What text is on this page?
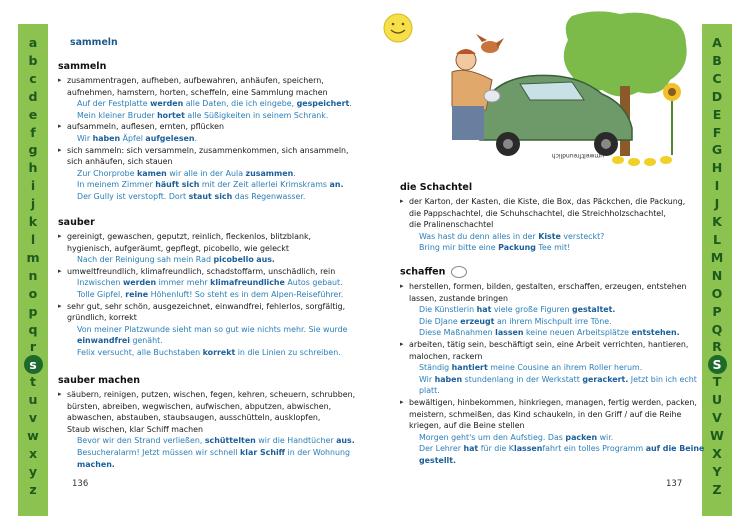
a
b
c
d
e
f
g
h
i
j
k
l
m
n
o
p
q
r
s
t
u
v
w
x
y
z
A
B
C
D
E
F
G
H
I
J
K
L
M
N
O
P
Q
R
S
T
U
V
W
X
Y
Z
sammeln
umweltfreundlich
sammeln
▸ zusammentragen, aufheben, aufbewahren, anhäufen, speichern,
aufnehmen, hamstern, horten, scheffeln, eine Sammlung machen
Auf der Festplatte werden alle Daten, die ich eingebe, gespeichert.
Mein kleiner Bruder hortet alle Süßigkeiten in seinem Schrank.
▸ aufsammeln, auflesen, ernten, pflücken
Wir haben Äpfel aufgelesen.
▸ sich sammeln: sich versammeln, zusammenkommen, sich ansammeln,
sich anhäufen, sich stauen
Zur Chorprobe kamen wir alle in der Aula zusammen.
In meinem Zimmer häuft sich mit der Zeit allerlei Krimskrams an.
Der Gully ist verstopft. Dort staut sich das Regenwasser.
sauber
▸ gereinigt, gewaschen, geputzt, reinlich, fleckenlos, blitzblank,
hygienisch, aufgeräumt, gepflegt, picobello, wie geleckt
Nach der Reinigung sah mein Rad picobello aus.
▸ umweltfreundlich, klimafreundlich, schadstoffarm, unschädlich, rein
Inzwischen werden immer mehr klimafreundliche Autos gebaut.
Tolle Gipfel, reine Höhenluft! So steht es in dem Alpen-Reiseführer.
▸ sehr gut, sehr schön, ausgezeichnet, einwandfrei, fehlerlos, sorgfältig,
gründlich, korrekt
Von meiner Platzwunde sieht man so gut wie nichts mehr. Sie wurde
einwandfrei genäht.
Felix versucht, alle Buchstaben korrekt in die Linien zu schreiben.
sauber machen
▸ säubern, reinigen, putzen, wischen, fegen, kehren, scheuern, schrubben,
bürsten, abreiben, wegwischen, aufwischen, abputzen, abwischen,
abwaschen, abstauben, staubsaugen, ausschütteln, ausklopfen,
Staub wischen, klar Schiff machen
Bevor wir den Strand verließen, schüttelten wir die Handtücher aus.
Besucheralarm! Jetzt müssen wir schnell klar Schiff in der Wohnung
machen.
die Schachtel
▸ der Karton, der Kasten, die Kiste, die Box, das Päckchen, die Packung,
die Pappschachtel, die Schuhschachtel, die Streichholzschachtel,
die Pralinenschachtel
Was hast du denn alles in der Kiste versteckt?
Bring mir bitte eine Packung Tee mit!
schaffen
▸ herstellen, formen, bilden, gestalten, erschaffen, erzeugen, entstehen
lassen, zustande bringen
Die Künstlerin hat viele große Figuren gestaltet.
Die DJane erzeugt an ihrem Mischpult irre Töne.
Diese Maßnahmen lassen keine neuen Arbeitsplätze entstehen.
▸ arbeiten, tätig sein, beschäftigt sein, eine Arbeit verrichten, hantieren,
malochen, rackern
Ständig hantiert meine Cousine an ihrem Roller herum.
Wir haben stundenlang in der Werkstatt gerackert. Jetzt bin ich echt
platt.
▸ bewältigen, hinbekommen, hinkriegen, managen, fertig werden, packen,
meistern, schmeißen, das Kind schaukeln, in den Griff / auf die Reihe
kriegen, auf die Beine stellen
Morgen geht's um den Aufstieg. Das packen wir.
Der Lehrer hat für die Klassenfahrt ein tolles Programm auf die Beine
gestellt.
136	137
